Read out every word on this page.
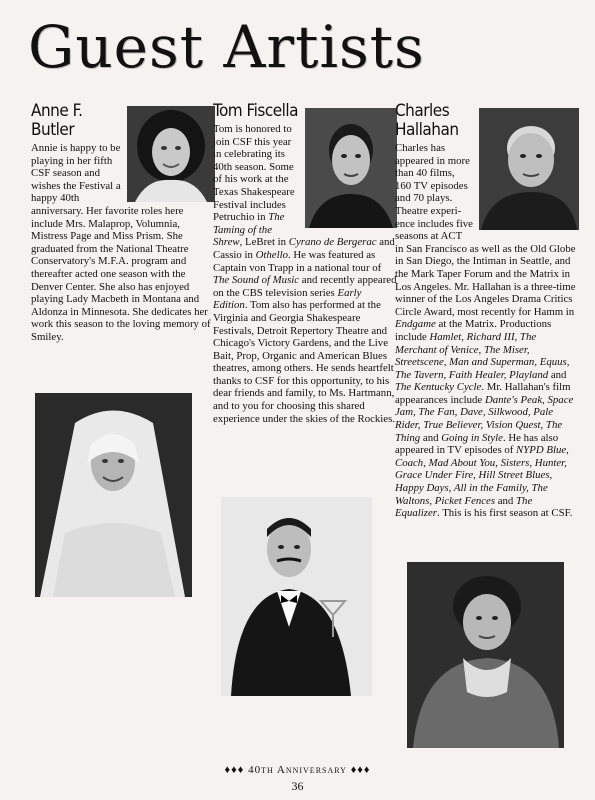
Guest Artists
Anne F.
Butler

Annie is happy to be playing in her fifth CSF season and wishes the Festival a happy 40th anniversary. Her favorite roles here include Mrs. Malaprop, Volumnia, Mistress Page and Miss Prism. She graduated from the National Theatre Conservatory's M.F.A. program and thereafter acted one season with the Denver Center. She also has enjoyed playing Lady Macbeth in Montana and Aldonza in Minnesota. She dedicates her work this season to the loving memory of Smiley.

Tom Fiscella

Tom is honored to join CSF this year in celebrating its 40th season. Some of his work at the Texas Shakespeare Festival includes Petruchio in The Taming of the Shrew, LeBret in Cyrano de Bergerac and Cassio in Othello. He was featured as Captain von Trapp in a national tour of The Sound of Music and recently appeared on the CBS television series Early Edition. Tom also has performed at the Virginia and Georgia Shakespeare Festivals, Detroit Repertory Theatre and Chicago's Victory Gardens, and the Live Bait, Prop, Organic and American Blues theatres, among others. He sends heartfelt thanks to CSF for this opportunity, to his dear friends and family, to Ms. Hartmann, and to you for choosing this shared experience under the skies of the Rockies.

Charles
Hallahan

Charles has appeared in more than 40 films, 160 TV episodes and 70 plays. Theatre experi- ence includes five seasons at ACT in San Francisco as well as the Old Globe in San Diego, the Intiman in Seattle, and the Mark Taper Forum and the Matrix in Los Angeles. Mr. Hallahan is a three-time winner of the Los Angeles Drama Critics Circle Award, most recently for Hamm in Endgame at the Matrix. Productions include Hamlet, Richard III, The Merchant of Venice, The Miser, Streetscene, Man and Superman, Equus, The Tavern, Faith Healer, Playland and The Kentucky Cycle. Mr. Hallahan's film appearances include Dante's Peak, Space Jam, The Fan, Dave, Silkwood, Pale Rider, True Believer, Vision Quest, The Thing and Going in Style. He has also appeared in TV episodes of NYPD Blue, Coach, Mad About You, Sisters, Hunter, Grace Under Fire, Hill Street Blues, Happy Days, All in the Family, The Waltons, Picket Fences and The Equalizer. This is his first season at CSF.

♦♦♦ 40th Anniversary ♦♦♦
36
